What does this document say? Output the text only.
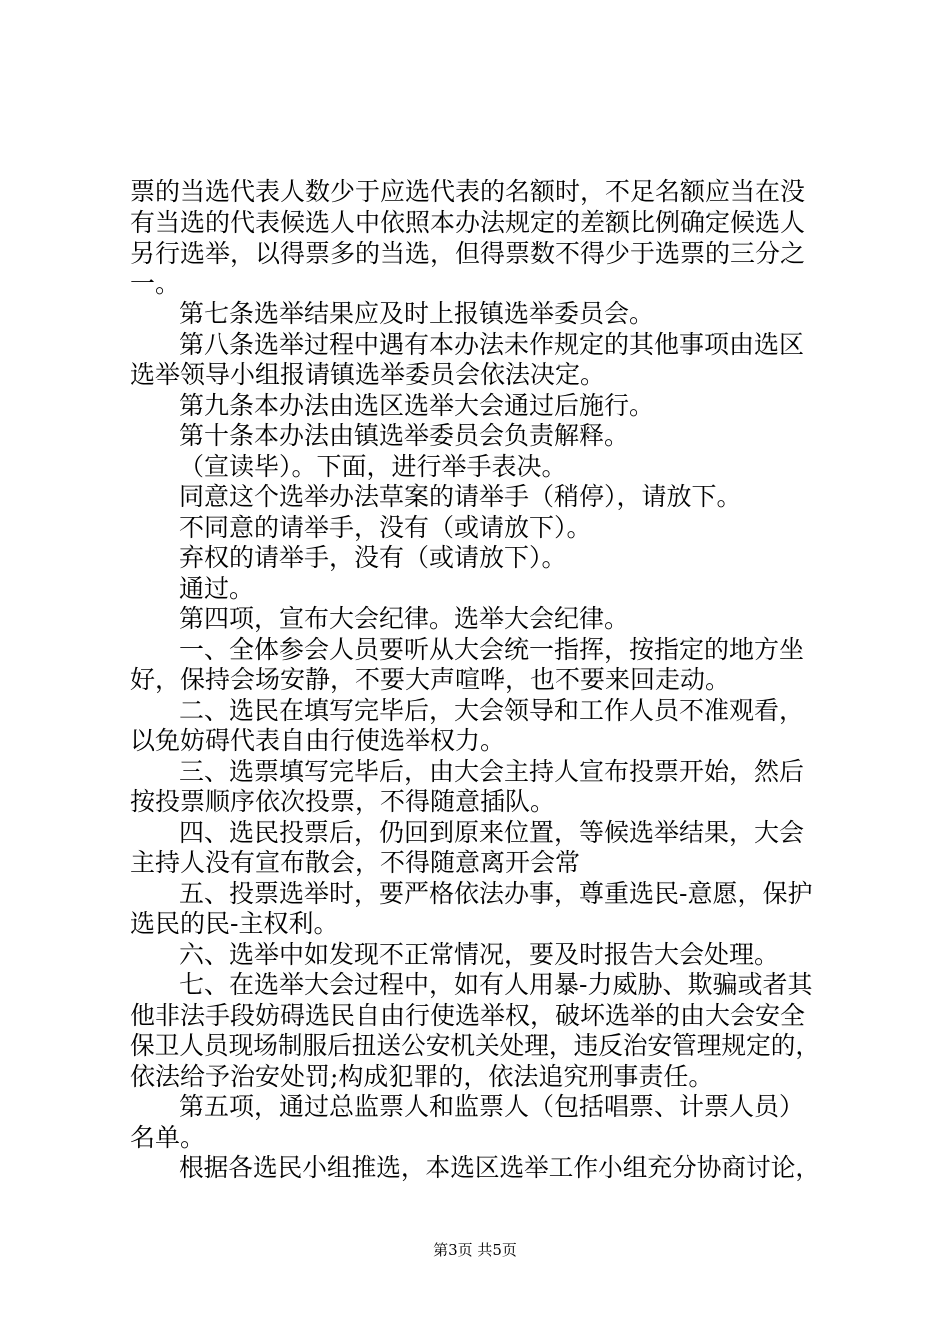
票的当选代表人数少于应选代表的名额时，不足名额应当在没
有当选的代表候选人中依照本办法规定的差额比例确定候选人
另行选举，以得票多的当选，但得票数不得少于选票的三分之
一。
第七条选举结果应及时上报镇选举委员会。
第八条选举过程中遇有本办法未作规定的其他事项由选区
选举领导小组报请镇选举委员会依法决定。
第九条本办法由选区选举大会通过后施行。
第十条本办法由镇选举委员会负责解释。
（宣读毕）。下面，进行举手表决。
同意这个选举办法草案的请举手（稍停），请放下。
不同意的请举手，没有（或请放下）。
弃权的请举手，没有（或请放下）。
通过。
第四项，宣布大会纪律。选举大会纪律。
一、全体参会人员要听从大会统一指挥，按指定的地方坐
好，保持会场安静，不要大声喧哗，也不要来回走动。
二、选民在填写完毕后，大会领导和工作人员不准观看，
以免妨碍代表自由行使选举权力。
三、选票填写完毕后，由大会主持人宣布投票开始，然后
按投票顺序依次投票，不得随意插队。
四、选民投票后，仍回到原来位置，等候选举结果，大会
主持人没有宣布散会，不得随意离开会常
五、投票选举时，要严格依法办事，尊重选民-意愿，保护
选民的民-主权利。
六、选举中如发现不正常情况，要及时报告大会处理。
七、在选举大会过程中，如有人用暴-力威胁、欺骗或者其
他非法手段妨碍选民自由行使选举权，破坏选举的由大会安全
保卫人员现场制服后扭送公安机关处理，违反治安管理规定的，
依法给予治安处罚;构成犯罪的，依法追究刑事责任。
第五项，通过总监票人和监票人（包括唱票、计票人员）
名单。
根据各选民小组推选，本选区选举工作小组充分协商讨论，
第3页 共5页
